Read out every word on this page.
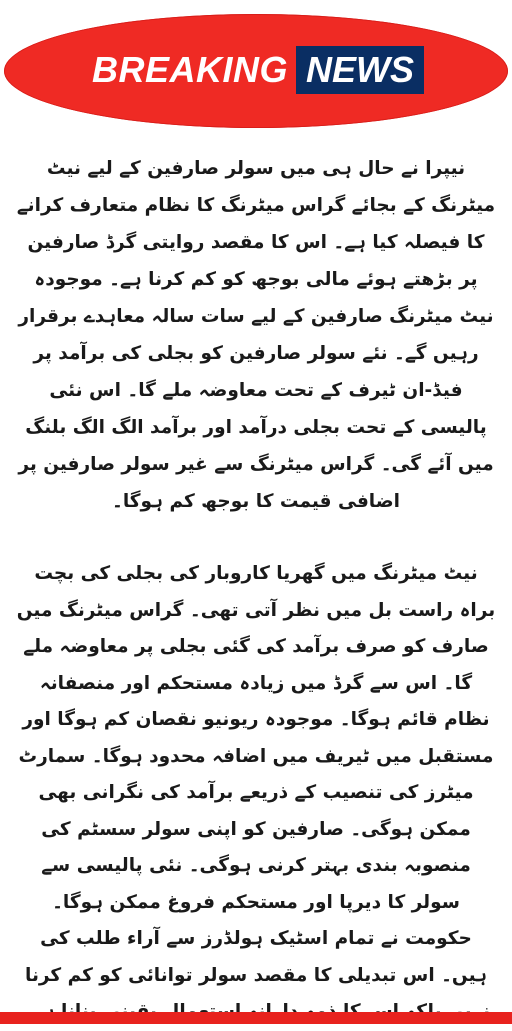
BREAKING NEWS

نیپرا نے حال ہی میں سولر صارفین کے لیے نیٹ میٹرنگ کے بجائے گراس میٹرنگ کا نظام متعارف کرانے کا فیصلہ کیا ہے۔ اس کا مقصد روایتی گرڈ صارفین پر بڑھتے ہوئے مالی بوجھ کو کم کرنا ہے۔ موجودہ نیٹ میٹرنگ صارفین کے لیے سات سالہ معاہدے برقرار رہیں گے۔ نئے سولر صارفین کو بجلی کی برآمد پر فیڈ-ان ٹیرف کے تحت معاوضہ ملے گا۔ اس نئی پالیسی کے تحت بجلی درآمد اور برآمد الگ الگ بلنگ میں آئے گی۔ گراس میٹرنگ سے غیر سولر صارفین پر اضافی قیمت کا بوجھ کم ہوگا۔

نیٹ میٹرنگ میں گھریا کاروبار کی بجلی کی بچت براہ راست بل میں نظر آتی تھی۔ گراس میٹرنگ میں صارف کو صرف برآمد کی گئی بجلی پر معاوضہ ملے گا۔ اس سے گرڈ میں زیادہ مستحکم اور منصفانہ نظام قائم ہوگا۔ موجودہ ریونیو نقصان کم ہوگا اور مستقبل میں ٹیریف میں اضافہ محدود ہوگا۔ سمارٹ میٹرز کی تنصیب کے ذریعے برآمد کی نگرانی بھی ممکن ہوگی۔ صارفین کو اپنی سولر سسٹم کی منصوبہ بندی بہتر کرنی ہوگی۔ نئی پالیسی سے سولر کا دیرپا اور مستحکم فروغ ممکن ہوگا۔ حکومت نے تمام اسٹیک ہولڈرز سے آراء طلب کی ہیں۔ اس تبدیلی کا مقصد سولر توانائی کو کم کرنا
